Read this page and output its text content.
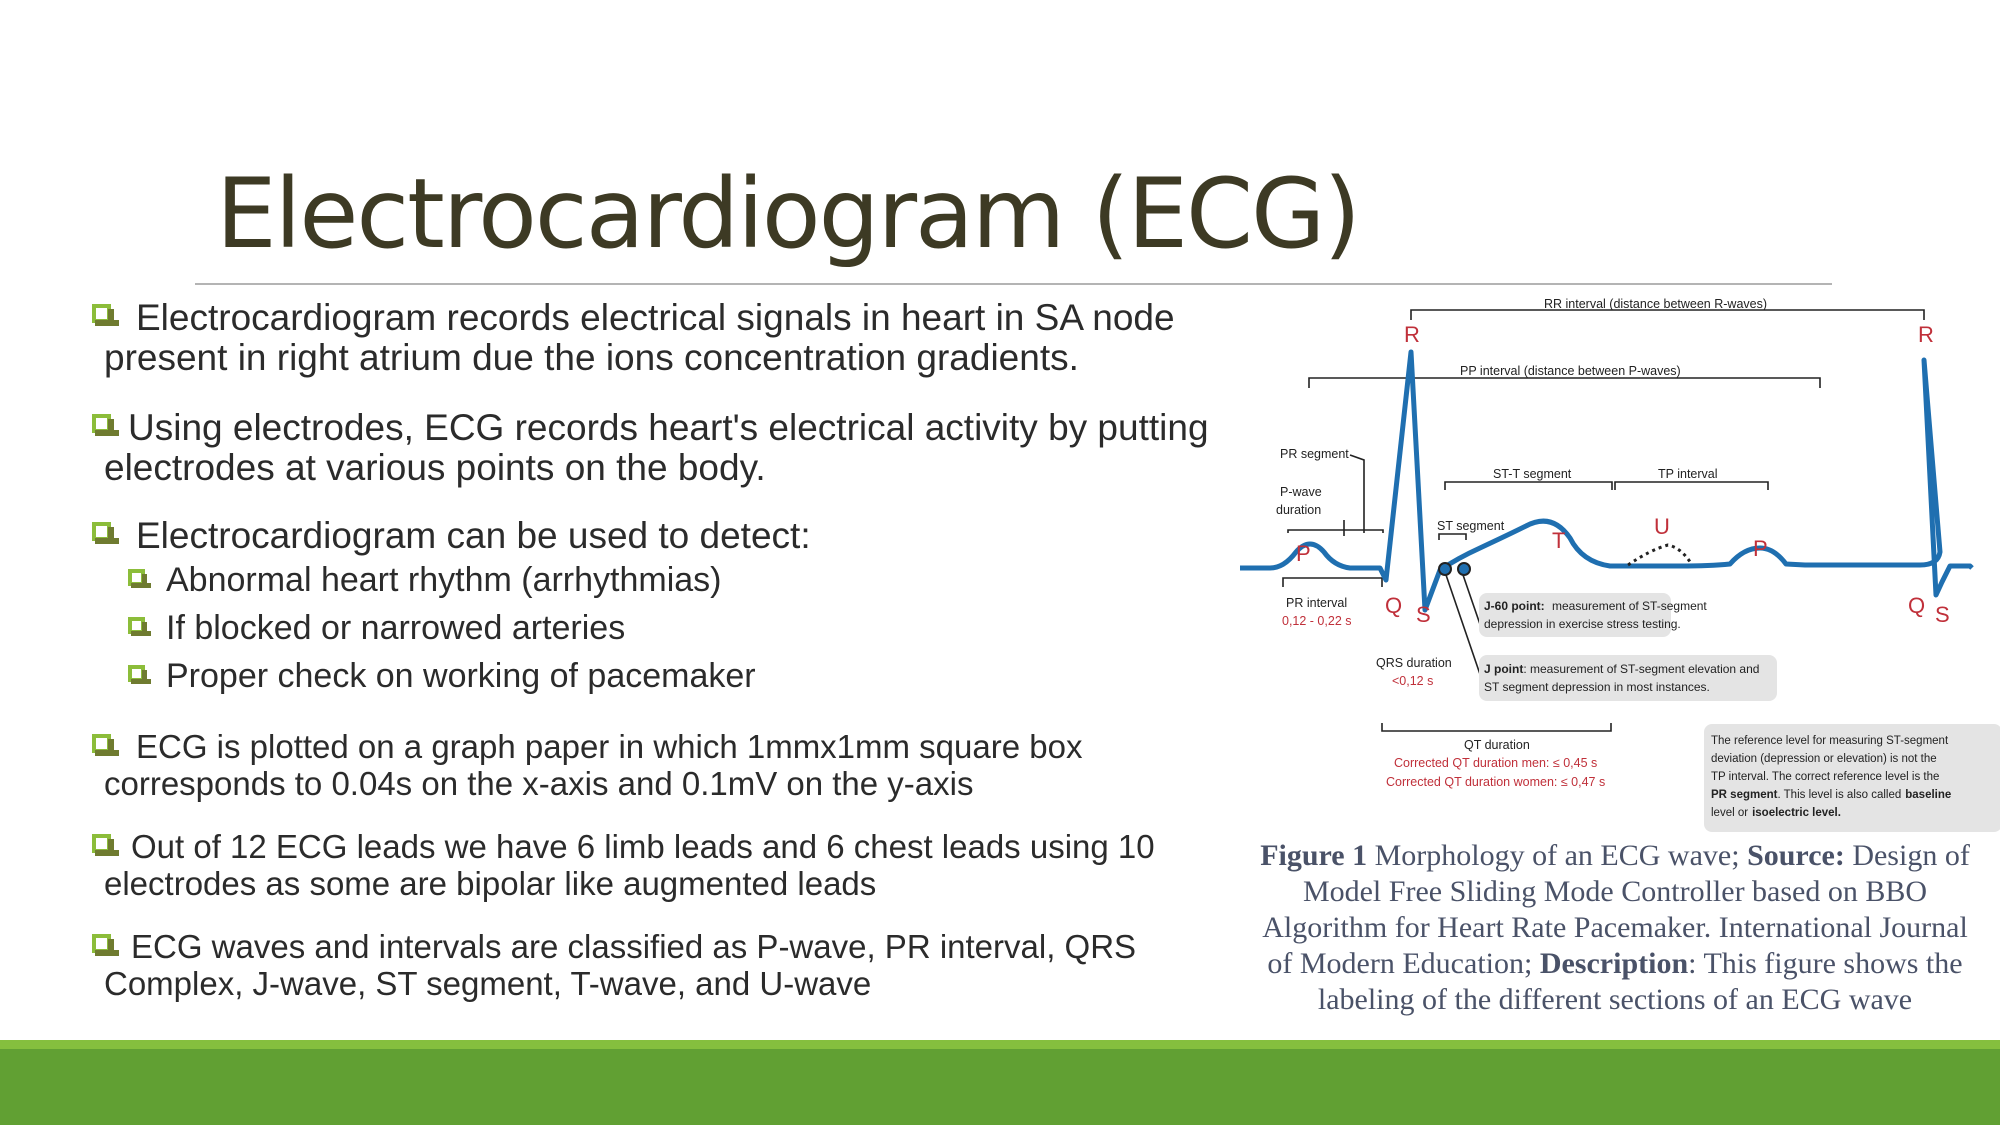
Electrocardiogram (ECG)
Electrocardiogram records electrical signals in heart in SA node present in right atrium due the ions concentration gradients.
Using electrodes, ECG records heart's electrical activity by putting electrodes at various points on the body.
Electrocardiogram can be used to detect:
Abnormal heart rhythm (arrhythmias)
If blocked or narrowed arteries
Proper check on working of pacemaker
ECG is plotted on a graph paper in which 1mmx1mm square box corresponds to 0.04s on the x-axis and 0.1mV on the y-axis
Out of 12 ECG leads we have 6 limb leads and 6 chest leads using 10 electrodes as some are bipolar like augmented leads
ECG waves and intervals are classified as P-wave, PR interval, QRS Complex, J-wave, ST segment, T-wave, and U-wave
R	R
P	P
T
U
Q S	Q S
RR interval (distance between R-waves)
PP interval (distance between P-waves)
PR segment
P-wave
duration
ST-T segment	TP interval
ST segment
PR interval
QRS duration
QT duration
0,12 - 0,22 s
<0,12 s
Corrected QT duration men: ≤ 0,45 s
Corrected QT duration women: ≤ 0,47 s
J-60 point: measurement of ST-segment
depression in exercise stress testing.
J point: measurement of ST-segment elevation and
ST segment depression in most instances.
The reference level for measuring ST-segment
deviation (depression or elevation) is not the
TP interval. The correct reference level is the
PR segment. This level is also called baseline
level or isoelectric level.
Figure 1 Morphology of an ECG wave; Source: Design of Model Free Sliding Mode Controller based on BBO Algorithm for Heart Rate Pacemaker. International Journal of Modern Education; Description: This figure shows the labeling of the different sections of an ECG wave
